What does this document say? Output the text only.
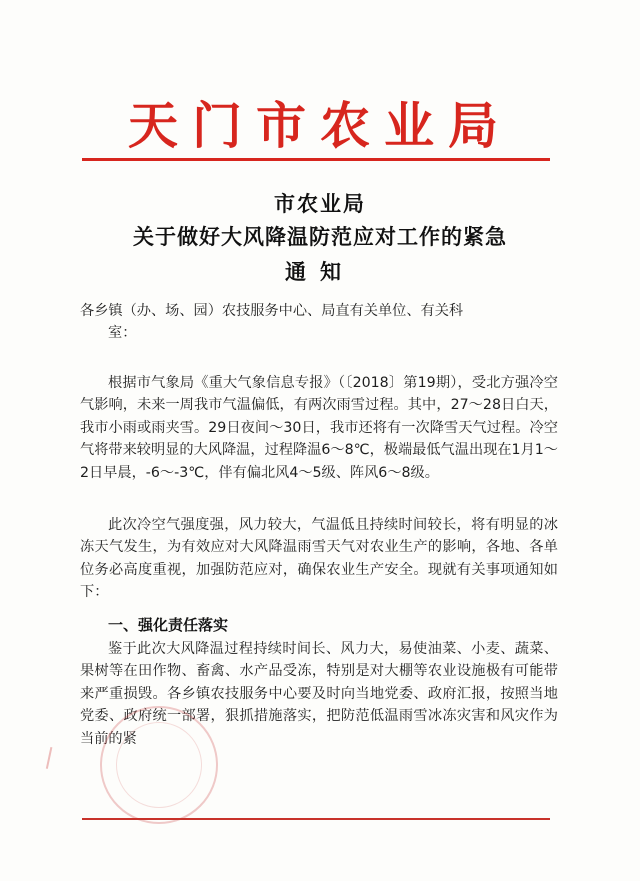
天门市农业局
市农业局
关于做好大风降温防范应对工作的紧急
通知
各乡镇（办、场、园）农技服务中心、局直有关单位、有关科
室：
根据市气象局《重大气象信息专报》（〔2018〕第19期），受北方强冷空气影响，未来一周我市气温偏低，有两次雨雪过程。其中，27～28日白天，我市小雨或雨夹雪。29日夜间～30日，我市还将有一次降雪天气过程。冷空气将带来较明显的大风降温，过程降温6～8℃，极端最低气温出现在1月1～2日早晨，-6～-3℃，伴有偏北风4～5级、阵风6～8级。
此次冷空气强度强，风力较大，气温低且持续时间较长，将有明显的冰冻天气发生，为有效应对大风降温雨雪天气对农业生产的影响，各地、各单位务必高度重视，加强防范应对，确保农业生产安全。现就有关事项通知如下：
一、强化责任落实
鉴于此次大风降温过程持续时间长、风力大，易使油菜、小麦、蔬菜、果树等在田作物、畜禽、水产品受冻，特别是对大棚等农业设施极有可能带来严重损毁。各乡镇农技服务中心要及时向当地党委、政府汇报，按照当地党委、政府统一部署，狠抓措施落实，把防范低温雨雪冰冻灾害和风灾作为当前的紧
